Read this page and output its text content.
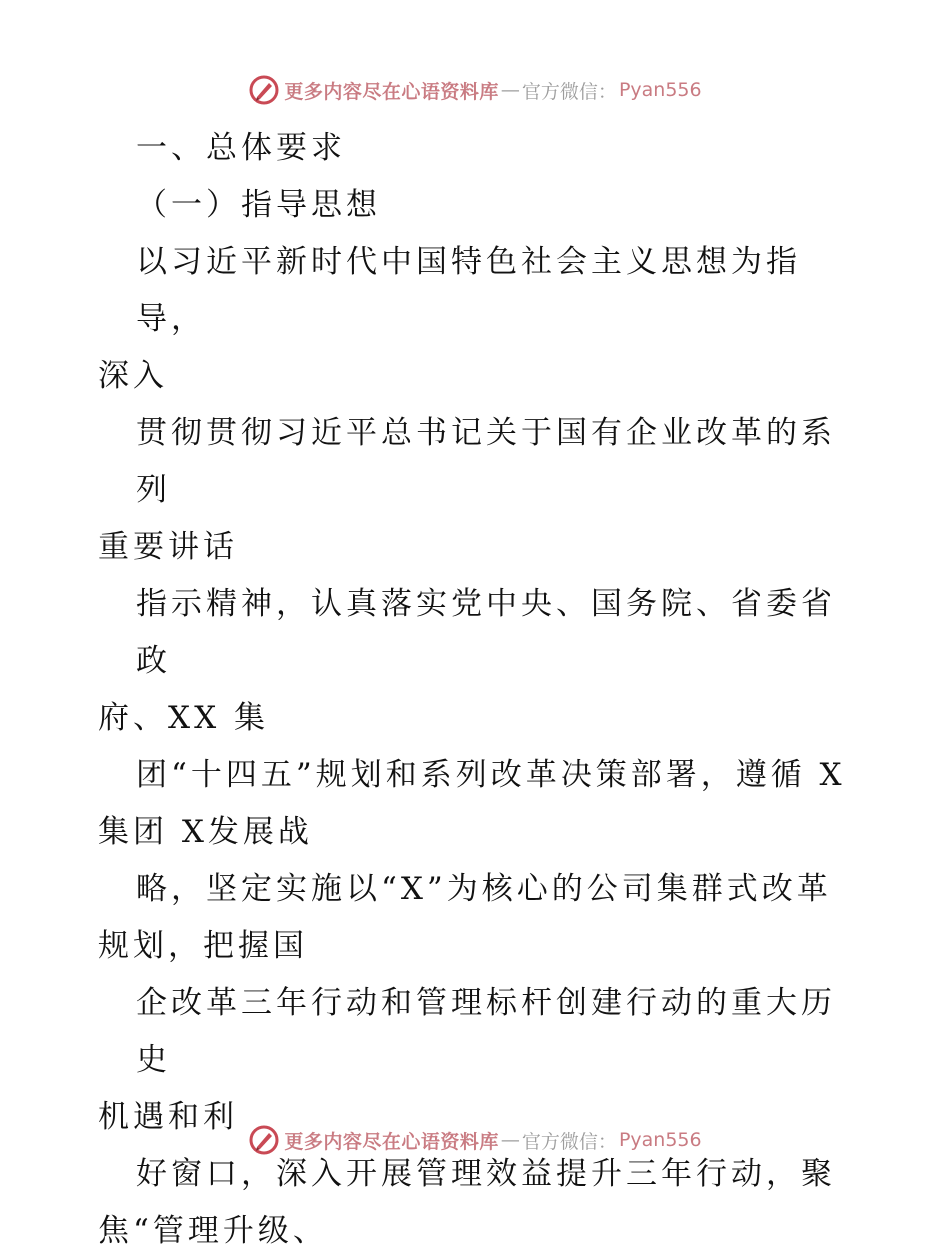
更多内容尽在心语资料库 — 官方微信： Pyan556

一、总体要求

（一）指导思想

以习近平新时代中国特色社会主义思想为指导，

深入

贯彻贯彻习近平总书记关于国有企业改革的系列

重要讲话

指示精神，认真落实党中央、国务院、省委省政

府、XX 集

团“十四五”规划和系列改革决策部署，遵循 X

集团 X发展战

略，坚定实施以“X”为核心的公司集群式改革

规划，把握国

企改革三年行动和管理标杆创建行动的重大历史

机遇和利

好窗口，深入开展管理效益提升三年行动，聚

焦“管理升级、

更多内容尽在心语资料库 — 官方微信： Pyan556
